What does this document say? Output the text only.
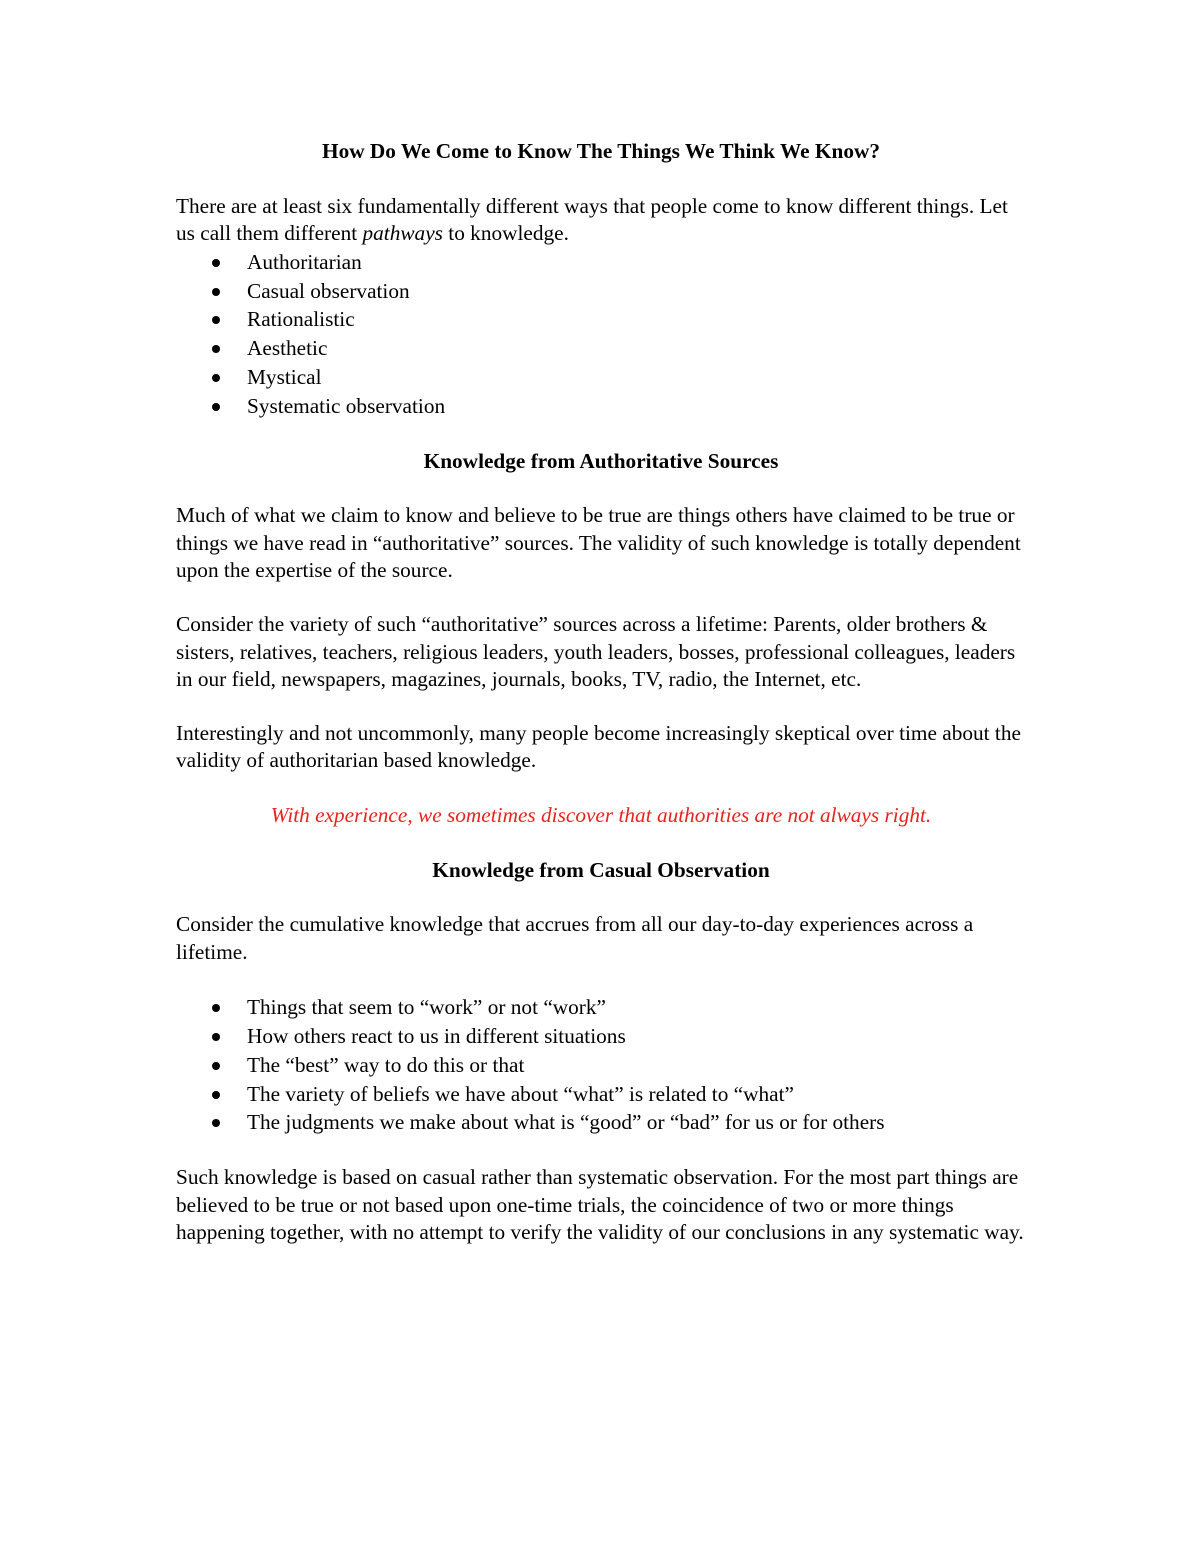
How Do We Come to Know The Things We Think We Know?

There are at least six fundamentally different ways that people come to know different things. Let us call them different pathways to knowledge.

Authoritarian
Casual observation
Rationalistic
Aesthetic
Mystical
Systematic observation

Knowledge from Authoritative Sources

Much of what we claim to know and believe to be true are things others have claimed to be true or things we have read in “authoritative” sources. The validity of such knowledge is totally dependent upon the expertise of the source.

Consider the variety of such “authoritative” sources across a lifetime: Parents, older brothers & sisters, relatives, teachers, religious leaders, youth leaders, bosses, professional colleagues, leaders in our field, newspapers, magazines, journals, books, TV, radio, the Internet, etc.

Interestingly and not uncommonly, many people become increasingly skeptical over time about the validity of authoritarian based knowledge.

With experience, we sometimes discover that authorities are not always right.

Knowledge from Casual Observation

Consider the cumulative knowledge that accrues from all our day-to-day experiences across a lifetime.

Things that seem to “work” or not “work”
How others react to us in different situations
The “best” way to do this or that
The variety of beliefs we have about “what” is related to “what”
The judgments we make about what is “good” or “bad” for us or for others

Such knowledge is based on casual rather than systematic observation. For the most part things are believed to be true or not based upon one-time trials, the coincidence of two or more things happening together, with no attempt to verify the validity of our conclusions in any systematic way.
